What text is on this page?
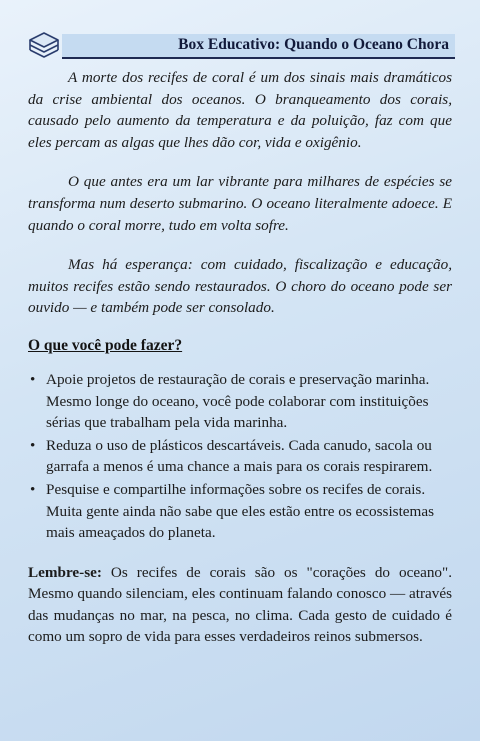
Box Educativo: Quando o Oceano Chora

A morte dos recifes de coral é um dos sinais mais dramáticos da crise ambiental dos oceanos. O branqueamento dos corais, causado pelo aumento da temperatura e da poluição, faz com que eles percam as algas que lhes dão cor, vida e oxigênio.

O que antes era um lar vibrante para milhares de espécies se transforma num deserto submarino. O oceano literalmente adoece. E quando o coral morre, tudo em volta sofre.

Mas há esperança: com cuidado, fiscalização e educação, muitos recifes estão sendo restaurados. O choro do oceano pode ser ouvido — e também pode ser consolado.

O que você pode fazer?
• Apoie projetos de restauração de corais e preservação marinha. Mesmo longe do oceano, você pode colaborar com instituições sérias que trabalham pela vida marinha.
• Reduza o uso de plásticos descartáveis. Cada canudo, sacola ou garrafa a menos é uma chance a mais para os corais respirarem.
• Pesquise e compartilhe informações sobre os recifes de corais. Muita gente ainda não sabe que eles estão entre os ecossistemas mais ameaçados do planeta.

Lembre-se: Os recifes de corais são os "corações do oceano". Mesmo quando silenciam, eles continuam falando conosco — através das mudanças no mar, na pesca, no clima. Cada gesto de cuidado é como um sopro de vida para esses verdadeiros reinos submersos.
